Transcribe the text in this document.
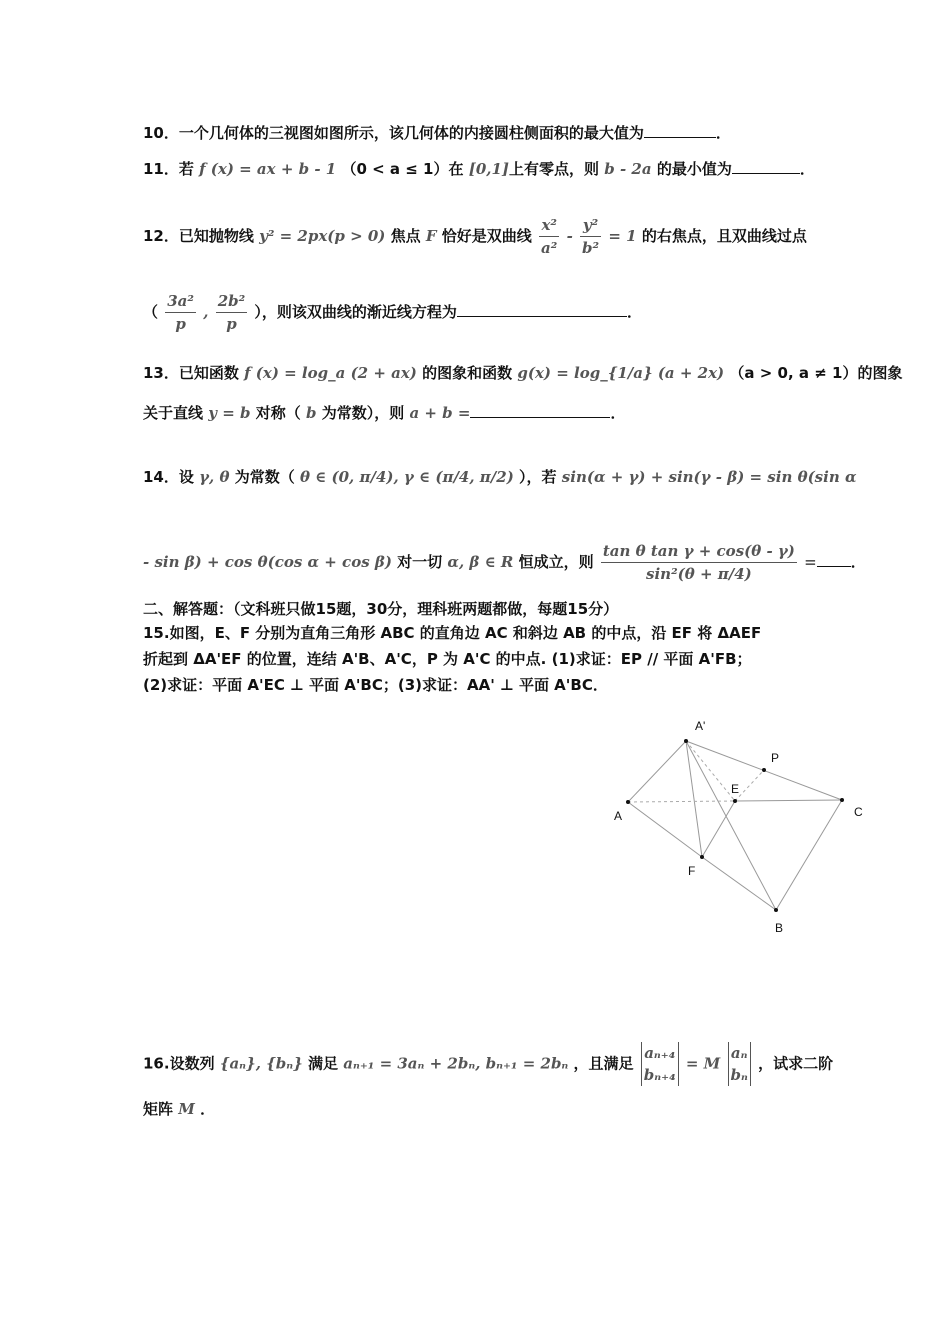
10．一个几何体的三视图如图所示，该几何体的内接圆柱侧面积的最大值为	．
11．若 f (x) = ax + b - 1 （0 < a ≤ 1）在 [0,1]上有零点，则 b - 2a 的最小值为	．
12．已知抛物线 y² = 2px(p > 0) 焦点 F 恰好是双曲线 $\frac{\text{x²}}{\text{a²}} - \frac{\text{y²}}{\text{b²}} = 1$ 的右焦点，且双曲线过点
（ $\frac{\text{3a²}}{p}$ , $\frac{\text{2b²}}{p}$ ），则该双曲线的渐近线方程为	．
13．已知函数 f (x) = log_a (2 + ax) 的图象和函数 g(x) = log_{1/a} (a + 2x) （a > 0, a ≠ 1）的图象
关于直线 y = b 对称（ b 为常数），则 a + b =	．
14．设 γ, θ 为常数（ θ ∈ (0, π/4), γ ∈ (π/4, π/2) ），若 sin(α + γ) + sin(γ - β) = sin θ(sin α
- sin β) + cos θ(cos α + cos β) 对一切 α, β ∈ R 恒成立，则 $\frac{\text{tan θ tan γ + cos(θ - γ)}}{\text{sin²(θ + π/4)}}$ = ．
二、解答题：（文科班只做15题，30分，理科班两题都做，每题15分）
15.如图，E、F 分别为直角三角形 ABC 的直角边 AC 和斜边 AB 的中点，沿 EF 将 ΔAEF
折起到 ΔA'EF 的位置，连结 A'B、A'C，P 为 A'C 的中点. (1)求证：EP // 平面 A'FB；
(2)求证：平面 A'EC ⊥ 平面 A'BC；(3)求证：AA' ⊥ 平面 A'BC．
A'
P
E
A	C
F
B
16.设数列 {aₙ}, {bₙ} 满足 aₙ₊₁ = 3aₙ + 2bₙ, bₙ₊₁ = 2bₙ ，且满足
aₙ₊₄
bₙ₊₄
= M
aₙ
bₙ
，试求二阶
矩阵 M ．
